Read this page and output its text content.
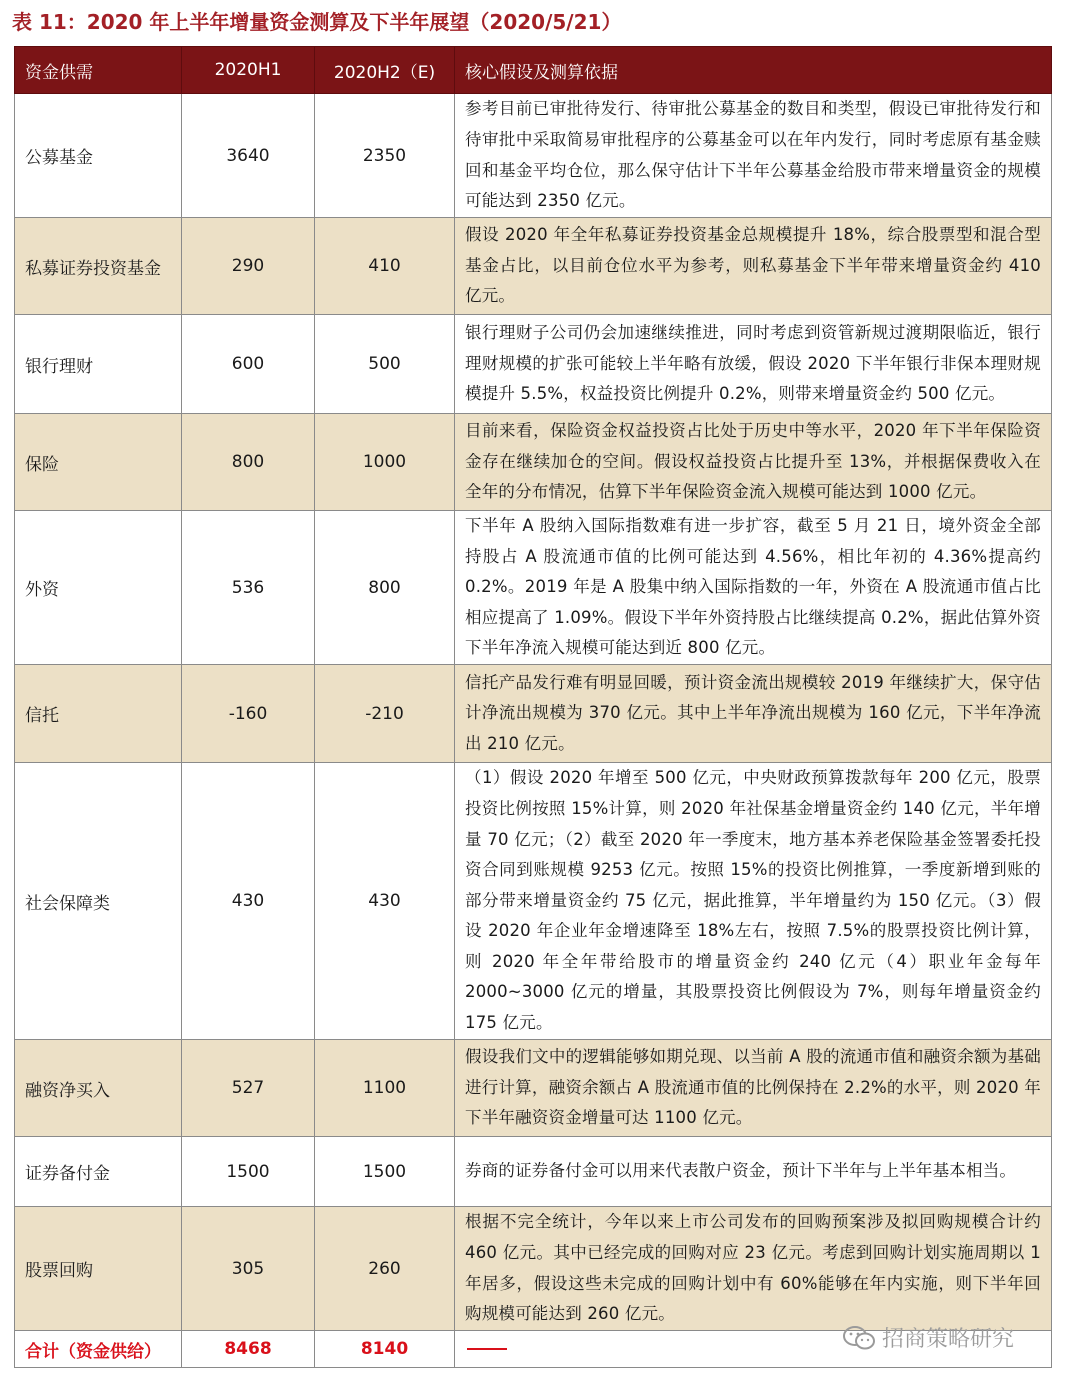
表 11：2020 年上半年增量资金测算及下半年展望（2020/5/21）
资金供需	2020H1	2020H2（E)	核心假设及测算依据
公募基金	3640	2350	参考目前已审批待发行、待审批公募基金的数目和类型，假设已审批待发行和待审批中采取简易审批程序的公募基金可以在年内发行，同时考虑原有基金赎回和基金平均仓位，那么保守估计下半年公募基金给股市带来增量资金的规模可能达到 2350 亿元。
私募证券投资基金	290	410	假设 2020 年全年私募证券投资基金总规模提升 18%，综合股票型和混合型基金占比，以目前仓位水平为参考，则私募基金下半年带来增量资金约 410 亿元。
银行理财	600	500	银行理财子公司仍会加速继续推进，同时考虑到资管新规过渡期限临近，银行理财规模的扩张可能较上半年略有放缓，假设 2020 下半年银行非保本理财规模提升 5.5%，权益投资比例提升 0.2%，则带来增量资金约 500 亿元。
保险	800	1000	目前来看，保险资金权益投资占比处于历史中等水平，2020 年下半年保险资金存在继续加仓的空间。假设权益投资占比提升至 13%，并根据保费收入在全年的分布情况，估算下半年保险资金流入规模可能达到 1000 亿元。
外资	536	800	下半年 A 股纳入国际指数难有进一步扩容，截至 5 月 21 日，境外资金全部持股占 A 股流通市值的比例可能达到 4.56%，相比年初的 4.36%提高约 0.2%。2019 年是 A 股集中纳入国际指数的一年，外资在 A 股流通市值占比相应提高了 1.09%。假设下半年外资持股占比继续提高 0.2%，据此估算外资下半年净流入规模可能达到近 800 亿元。
信托	-160	-210	信托产品发行难有明显回暖，预计资金流出规模较 2019 年继续扩大，保守估计净流出规模为 370 亿元。其中上半年净流出规模为 160 亿元，下半年净流出 210 亿元。
社会保障类	430	430	（1）假设 2020 年增至 500 亿元，中央财政预算拨款每年 200 亿元，股票投资比例按照 15%计算，则 2020 年社保基金增量资金约 140 亿元，半年增量 70 亿元；（2）截至 2020 年一季度末，地方基本养老保险基金签署委托投资合同到账规模 9253 亿元。按照 15%的投资比例推算，一季度新增到账的部分带来增量资金约 75 亿元，据此推算，半年增量约为 150 亿元。（3）假设 2020 年企业年金增速降至 18%左右，按照 7.5%的股票投资比例计算，则 2020 年全年带给股市的增量资金约 240 亿元（4）职业年金每年 2000~3000 亿元的增量，其股票投资比例假设为 7%，则每年增量资金约 175 亿元。
融资净买入	527	1100	假设我们文中的逻辑能够如期兑现、以当前 A 股的流通市值和融资余额为基础进行计算，融资余额占 A 股流通市值的比例保持在 2.2%的水平，则 2020 年下半年融资资金增量可达 1100 亿元。
证券备付金	1500	1500	券商的证券备付金可以用来代表散户资金，预计下半年与上半年基本相当。
股票回购	305	260	根据不完全统计，今年以来上市公司发布的回购预案涉及拟回购规模合计约 460 亿元。其中已经完成的回购对应 23 亿元。考虑到回购计划实施周期以 1 年居多，假设这些未完成的回购计划中有 60%能够在年内实施，则下半年回购规模可能达到 260 亿元。
合计（资金供给）	8468	8140		招商策略研究
